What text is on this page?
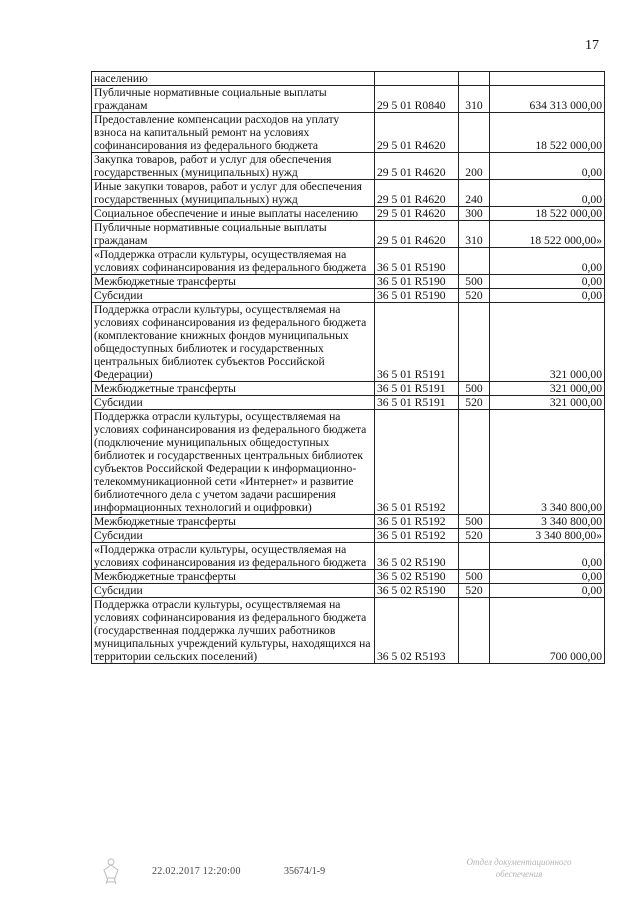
17
населению			
Публичные нормативные социальные выплаты гражданам	29 5 01 R0840	310	634 313 000,00
Предоставление компенсации расходов на уплату взноса на капитальный ремонт на условиях софинансирования из федерального бюджета	29 5 01 R4620		18 522 000,00
Закупка товаров, работ и услуг для обеспечения государственных (муниципальных) нужд	29 5 01 R4620	200	0,00
Иные закупки товаров, работ и услуг для обеспечения государственных (муниципальных) нужд	29 5 01 R4620	240	0,00
Социальное обеспечение и иные выплаты населению	29 5 01 R4620	300	18 522 000,00
Публичные нормативные социальные выплаты гражданам	29 5 01 R4620	310	18 522 000,00»
«Поддержка отрасли культуры, осуществляемая на условиях софинансирования из федерального бюджета	36 5 01 R5190		0,00
Межбюджетные трансферты	36 5 01 R5190	500	0,00
Субсидии	36 5 01 R5190	520	0,00
Поддержка отрасли культуры, осуществляемая на условиях софинансирования из федерального бюджета (комплектование книжных фондов муниципальных общедоступных библиотек и государственных центральных библиотек субъектов Российской Федерации)	36 5 01 R5191		321 000,00
Межбюджетные трансферты	36 5 01 R5191	500	321 000,00
Субсидии	36 5 01 R5191	520	321 000,00
Поддержка отрасли культуры, осуществляемая на условиях софинансирования из федерального бюджета (подключение муниципальных общедоступных библиотек и государственных центральных библиотек субъектов Российской Федерации к информационно-телекоммуникационной сети «Интернет» и развитие библиотечного дела с учетом задачи расширения информационных технологий и оцифровки)	36 5 01 R5192		3 340 800,00
Межбюджетные трансферты	36 5 01 R5192	500	3 340 800,00
Субсидии	36 5 01 R5192	520	3 340 800,00»
«Поддержка отрасли культуры, осуществляемая на условиях софинансирования из федерального бюджета	36 5 02 R5190		0,00
Межбюджетные трансферты	36 5 02 R5190	500	0,00
Субсидии	36 5 02 R5190	520	0,00
Поддержка отрасли культуры, осуществляемая на условиях софинансирования из федерального бюджета (государственная поддержка лучших работников муниципальных учреждений культуры, находящихся на территории сельских поселений)	36 5 02 R5193		700 000,00
22.02.2017 12:20:00	35674/1-9
Отдел документационного
обеспечения
